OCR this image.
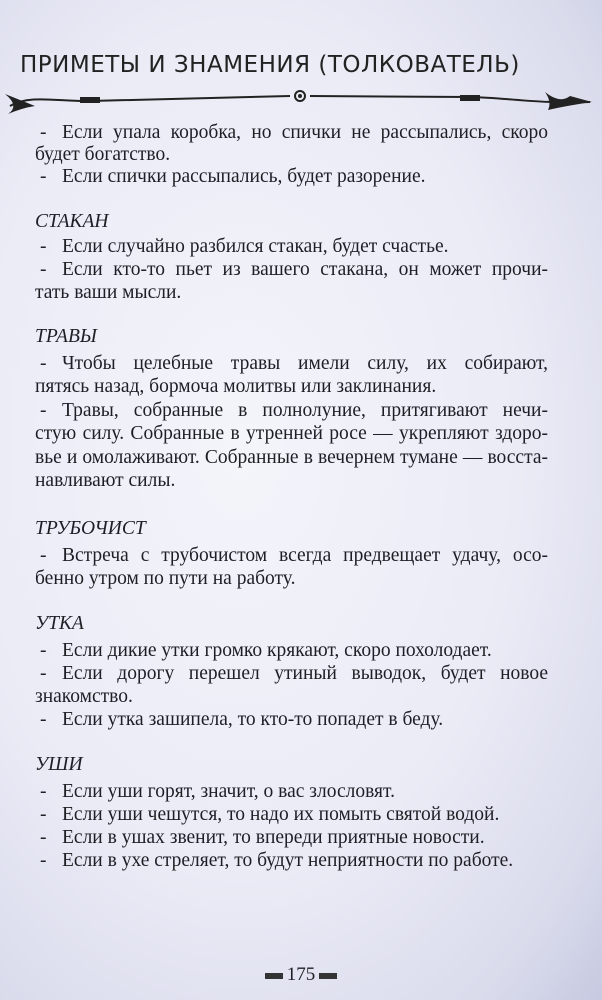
ПРИМЕТЫ И ЗНАМЕНИЯ (ТОЛКОВАТЕЛЬ)
- Если упала коробка, но спички не рассыпались, скоро
будет богатство.
- Если спички рассыпались, будет разорение.
СТАКАН
- Если случайно разбился стакан, будет счастье.
- Если кто-то пьет из вашего стакана, он может прочи-
тать ваши мысли.
ТРАВЫ
- Чтобы целебные травы имели силу, их собирают,
пятясь назад, бормоча молитвы или заклинания.
- Травы, собранные в полнолуние, притягивают нечи-
стую силу. Собранные в утренней росе — укрепляют здоро-
вье и омолаживают. Собранные в вечернем тумане — восста-
навливают силы.
ТРУБОЧИСТ
- Встреча с трубочистом всегда предвещает удачу, осо-
бенно утром по пути на работу.
УТКА
- Если дикие утки громко крякают, скоро похолодает.
- Если дорогу перешел утиный выводок, будет новое
знакомство.
- Если утка зашипела, то кто-то попадет в беду.
УШИ
- Если уши горят, значит, о вас злословят.
- Если уши чешутся, то надо их помыть святой водой.
- Если в ушах звенит, то впереди приятные новости.
- Если в ухе стреляет, то будут неприятности по работе.
175
